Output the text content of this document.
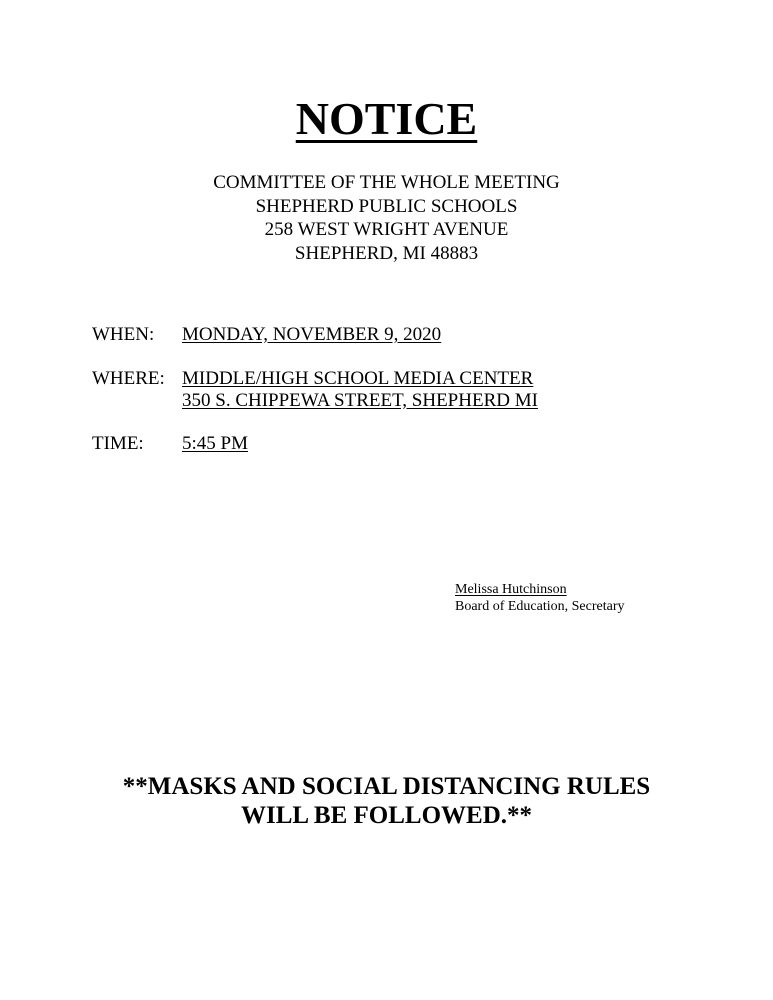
NOTICE
COMMITTEE OF THE WHOLE MEETING
SHEPHERD PUBLIC SCHOOLS
258 WEST WRIGHT AVENUE
SHEPHERD, MI 48883
WHEN: MONDAY, NOVEMBER 9, 2020
WHERE: MIDDLE/HIGH SCHOOL MEDIA CENTER
350 S. CHIPPEWA STREET, SHEPHERD MI
TIME: 5:45 PM
Melissa Hutchinson
Board of Education, Secretary
**MASKS AND SOCIAL DISTANCING RULES
WILL BE FOLLOWED.**
